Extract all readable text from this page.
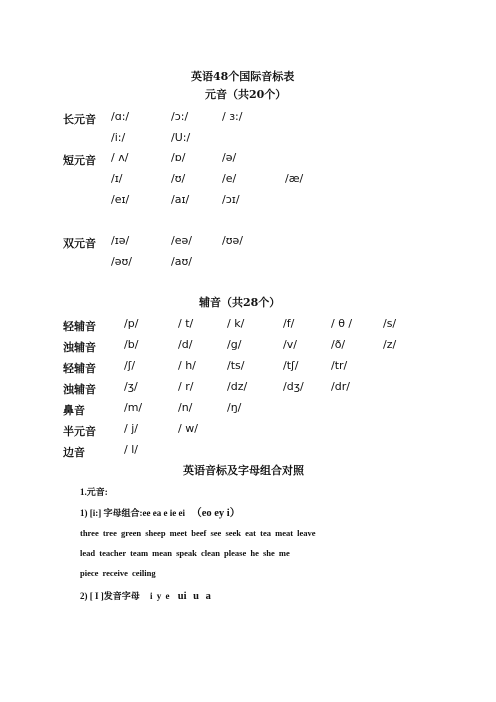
英语48个国际音标表
元音（共20个）
长元音 /ɑ:/	/ɔ:/	/ ɜ:/
/i:/	/U:/
短元音 / ʌ/	/ɒ/	/ə/
/ɪ/	/ʊ/	/e/	/æ/
/eɪ/	/aɪ/	/ɔɪ/
双元音 /ɪə/	/eə/	/ʊə/
/əʊ/	/aʊ/
辅音（共28个）
轻辅音	/p/	/ t/	/ k/	/f/	/ θ /	/s/
浊辅音	/b/	/d/	/g/	/v/	/ð/	/z/
轻辅音	/ʃ/	/ h/	/ts/	/tʃ/	/tr/
浊辅音	/ʒ/	/ r/	/dz/	/dʒ/ /dr/
鼻音	/m/	/n/	/ŋ/
半元音	/ j/	/ w/
边音	/ l/
英语音标及字母组合对照
1.元音:
1) [i:] 字母组合:ee ea e ie ei （eo ey i）
three tree green sheep meet beef see seek eat tea meat leave
lead teacher team mean speak clean please he she me
piece receive ceiling
2) [ I ]发音字母 i y e ui u a
